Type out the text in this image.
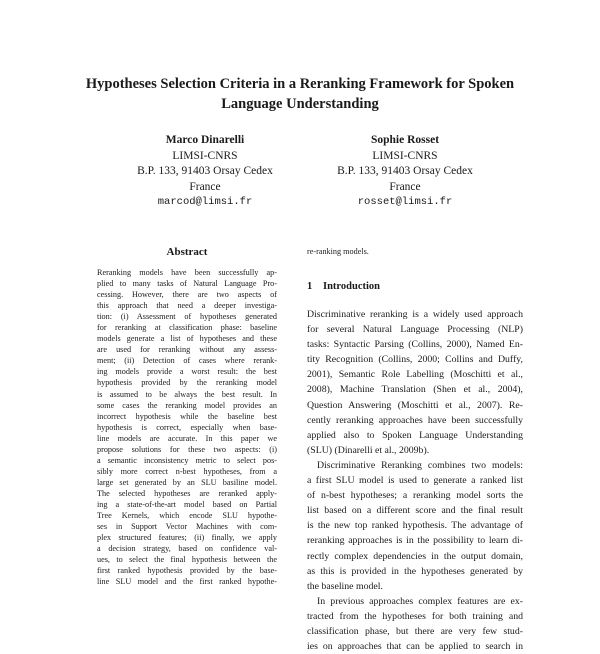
Hypotheses Selection Criteria in a Reranking Framework for Spoken
Language Understanding
Marco Dinarelli
LIMSI-CNRS
B.P. 133, 91403 Orsay Cedex
France
marcod@limsi.fr
Sophie Rosset
LIMSI-CNRS
B.P. 133, 91403 Orsay Cedex
France
rosset@limsi.fr
Abstract
Reranking models have been successfully ap-
plied to many tasks of Natural Language Pro-
cessing. However, there are two aspects of
this approach that need a deeper investiga-
tion: (i) Assessment of hypotheses generated
for reranking at classification phase: baseline
models generate a list of hypotheses and these
are used for reranking without any assess-
ment; (ii) Detection of cases where rerank-
ing models provide a worst result: the best
hypothesis provided by the reranking model
is assumed to be always the best result. In
some cases the reranking model provides an
incorrect hypothesis while the baseline best
hypothesis is correct, especially when base-
line models are accurate. In this paper we
propose solutions for these two aspects: (i)
a semantic inconsistency metric to select pos-
sibly more correct n-best hypotheses, from a
large set generated by an SLU basiline model.
The selected hypotheses are reranked apply-
ing a state-of-the-art model based on Partial
Tree Kernels, which encode SLU hypothe-
ses in Support Vector Machines with com-
plex structured features; (ii) finally, we apply
a decision strategy, based on confidence val-
ues, to select the final hypothesis between the
first ranked hypothesis provided by the base-
line SLU model and the first ranked hypothe-
re-ranking models.
1 Introduction
Discriminative reranking is a widely used approach
for several Natural Language Processing (NLP)
tasks: Syntactic Parsing (Collins, 2000), Named En-
tity Recognition (Collins, 2000; Collins and Duffy,
2001), Semantic Role Labelling (Moschitti et al.,
2008), Machine Translation (Shen et al., 2004),
Question Answering (Moschitti et al., 2007). Re-
cently reranking approaches have been successfully
applied also to Spoken Language Understanding
(SLU) (Dinarelli et al., 2009b).
Discriminative Reranking combines two models:
a first SLU model is used to generate a ranked list
of n-best hypotheses; a reranking model sorts the
list based on a different score and the final result
is the new top ranked hypothesis. The advantage of
reranking approaches is in the possibility to learn di-
rectly complex dependencies in the output domain,
as this is provided in the hypotheses generated by
the baseline model.
In previous approaches complex features are ex-
tracted from the hypotheses for both training and
classification phase, but there are very few stud-
ies on approaches that can be applied to search in
